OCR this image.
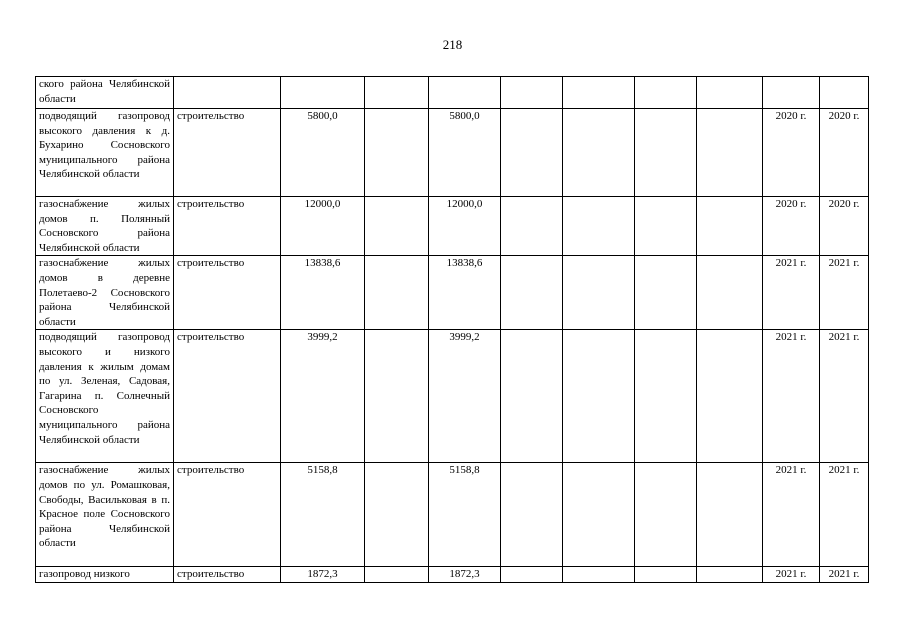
218
ского района Челябинской области										
подводящий газопровод высокого давления к д. Бухарино Сосновского муниципального района Челябинской области	строительство	5800,0		5800,0					2020 г.	2020 г.
газоснабжение жилых домов п. Полянный Сосновского района Челябинской области	строительство	12000,0		12000,0					2020 г.	2020 г.
газоснабжение жилых домов в деревне Полетаево-2 Сосновского района Челябинской области	строительство	13838,6		13838,6					2021 г.	2021 г.
подводящий газопровод высокого и низкого давления к жилым домам по ул. Зеленая, Садовая, Гагарина п. Солнечный Сосновского муниципального района Челябинской области	строительство	3999,2		3999,2					2021 г.	2021 г.
газоснабжение жилых домов по ул. Ромашковая, Свободы, Васильковая в п. Красное поле Сосновского района Челябинской области	строительство	5158,8		5158,8					2021 г.	2021 г.
газопровод низкого	строительство	1872,3		1872,3					2021 г.	2021 г.
